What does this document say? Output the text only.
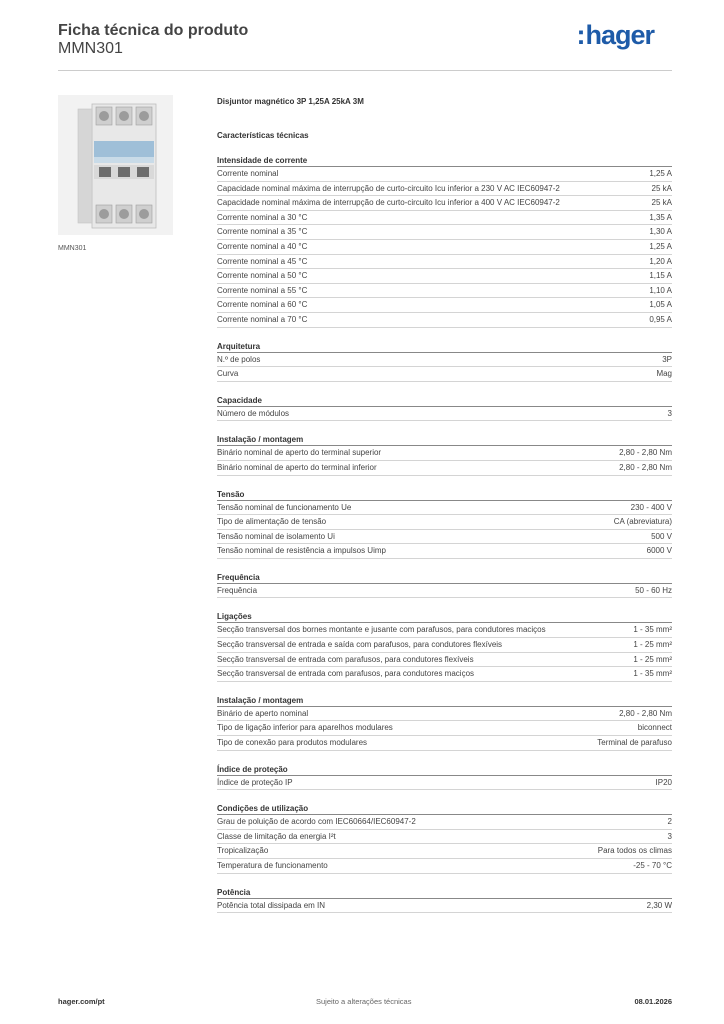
Ficha técnica do produto
MMN301	:hager
MMN301
Disjuntor magnético 3P 1,25A 25kA 3M
Características técnicas
Intensidade de corrente
Corrente nominal	1,25 A
Capacidade nominal máxima de interrupção de curto-circuito Icu inferior a 230 V AC IEC60947-2	25 kA
Capacidade nominal máxima de interrupção de curto-circuito Icu inferior a 400 V AC IEC60947-2	25 kA
Corrente nominal a 30 °C	1,35 A
Corrente nominal a 35 °C	1,30 A
Corrente nominal a 40 °C	1,25 A
Corrente nominal a 45 °C	1,20 A
Corrente nominal a 50 °C	1,15 A
Corrente nominal a 55 °C	1,10 A
Corrente nominal a 60 °C	1,05 A
Corrente nominal a 70 °C	0,95 A
Arquitetura
N.º de polos	3P
Curva	Mag
Capacidade
Número de módulos	3
Instalação / montagem
Binário nominal de aperto do terminal superior	2,80 - 2,80 Nm
Binário nominal de aperto do terminal inferior	2,80 - 2,80 Nm
Tensão
Tensão nominal de funcionamento Ue	230 - 400 V
Tipo de alimentação de tensão	CA (abreviatura)
Tensão nominal de isolamento Ui	500 V
Tensão nominal de resistência a impulsos Uimp	6000 V
Frequência
Frequência	50 - 60 Hz
Ligações
Secção transversal dos bornes montante e jusante com parafusos, para condutores maciços	1 - 35 mm²
Secção transversal de entrada e saída com parafusos, para condutores flexíveis	1 - 25 mm²
Secção transversal de entrada com parafusos, para condutores flexíveis	1 - 25 mm²
Secção transversal de entrada com parafusos, para condutores maciços	1 - 35 mm²
Instalação / montagem
Binário de aperto nominal	2,80 - 2,80 Nm
Tipo de ligação inferior para aparelhos modulares	biconnect
Tipo de conexão para produtos modulares	Terminal de parafuso
Índice de proteção
Índice de proteção IP	IP20
Condições de utilização
Grau de poluição de acordo com IEC60664/IEC60947-2	2
Classe de limitação da energia I²t	3
Tropicalização	Para todos os climas
Temperatura de funcionamento	-25 - 70 °C
Potência
Potência total dissipada em IN	2,30 W
hager.com/pt	Sujeito a alterações técnicas	08.01.2026
